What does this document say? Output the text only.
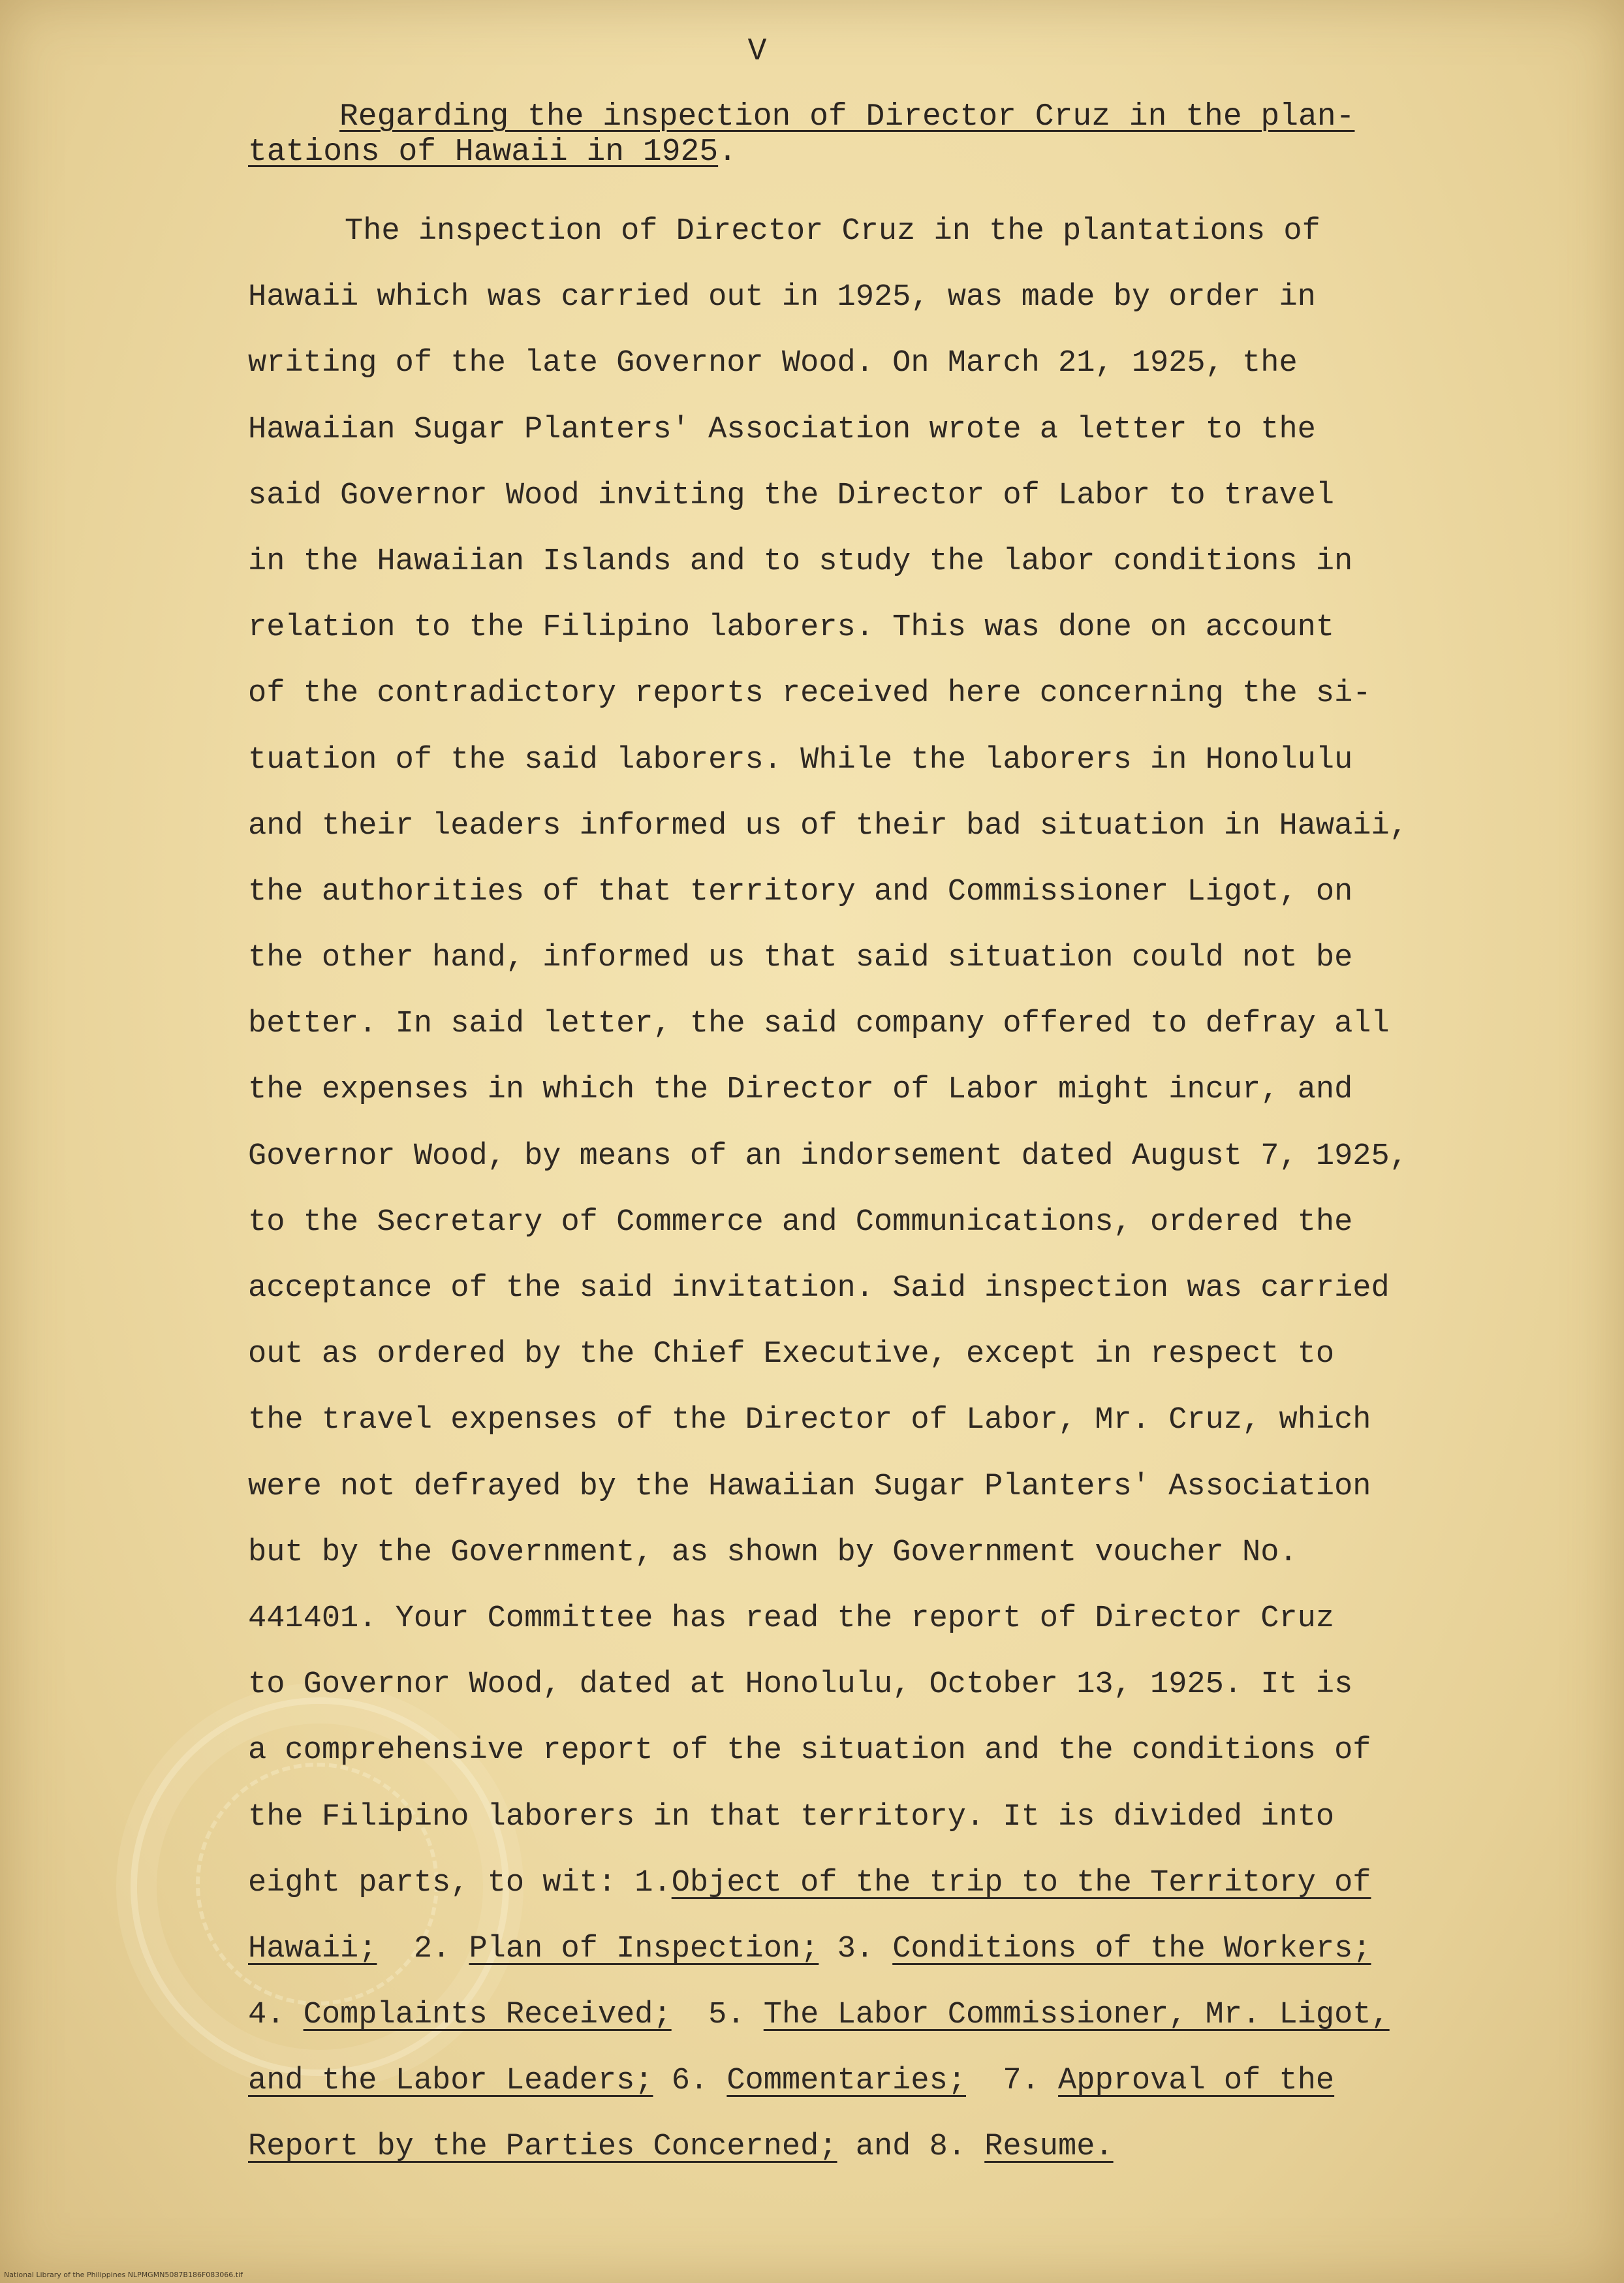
V

Regarding the inspection of Director Cruz in the plan-
tations of Hawaii in 1925.
The inspection of Director Cruz in the plantations of
Hawaii which was carried out in 1925, was made by order in
writing of the late Governor Wood. On March 21, 1925, the
Hawaiian Sugar Planters' Association wrote a letter to the
said Governor Wood inviting the Director of Labor to travel
in the Hawaiian Islands and to study the labor conditions in
relation to the Filipino laborers. This was done on account
of the contradictory reports received here concerning the si-
tuation of the said laborers. While the laborers in Honolulu
and their leaders informed us of their bad situation in Hawaii,
the authorities of that territory and Commissioner Ligot, on
the other hand, informed us that said situation could not be
better. In said letter, the said company offered to defray all
the expenses in which the Director of Labor might incur, and
Governor Wood, by means of an indorsement dated August 7, 1925,
to the Secretary of Commerce and Communications, ordered the
acceptance of the said invitation. Said inspection was carried
out as ordered by the Chief Executive, except in respect to
the travel expenses of the Director of Labor, Mr. Cruz, which
were not defrayed by the Hawaiian Sugar Planters' Association
but by the Government, as shown by Government voucher No.
441401. Your Committee has read the report of Director Cruz
to Governor Wood, dated at Honolulu, October 13, 1925. It is
a comprehensive report of the situation and the conditions of
the Filipino laborers in that territory. It is divided into
eight parts, to wit: 1.Object of the trip to the Territory of
Hawaii;  2. Plan of Inspection; 3. Conditions of the Workers;
4. Complaints Received;  5. The Labor Commissioner, Mr. Ligot,
and the Labor Leaders; 6. Commentaries;  7. Approval of the
Report by the Parties Concerned; and 8. Resume.

National Library of the Philippines NLPMGMN5087B186F083066.tif
